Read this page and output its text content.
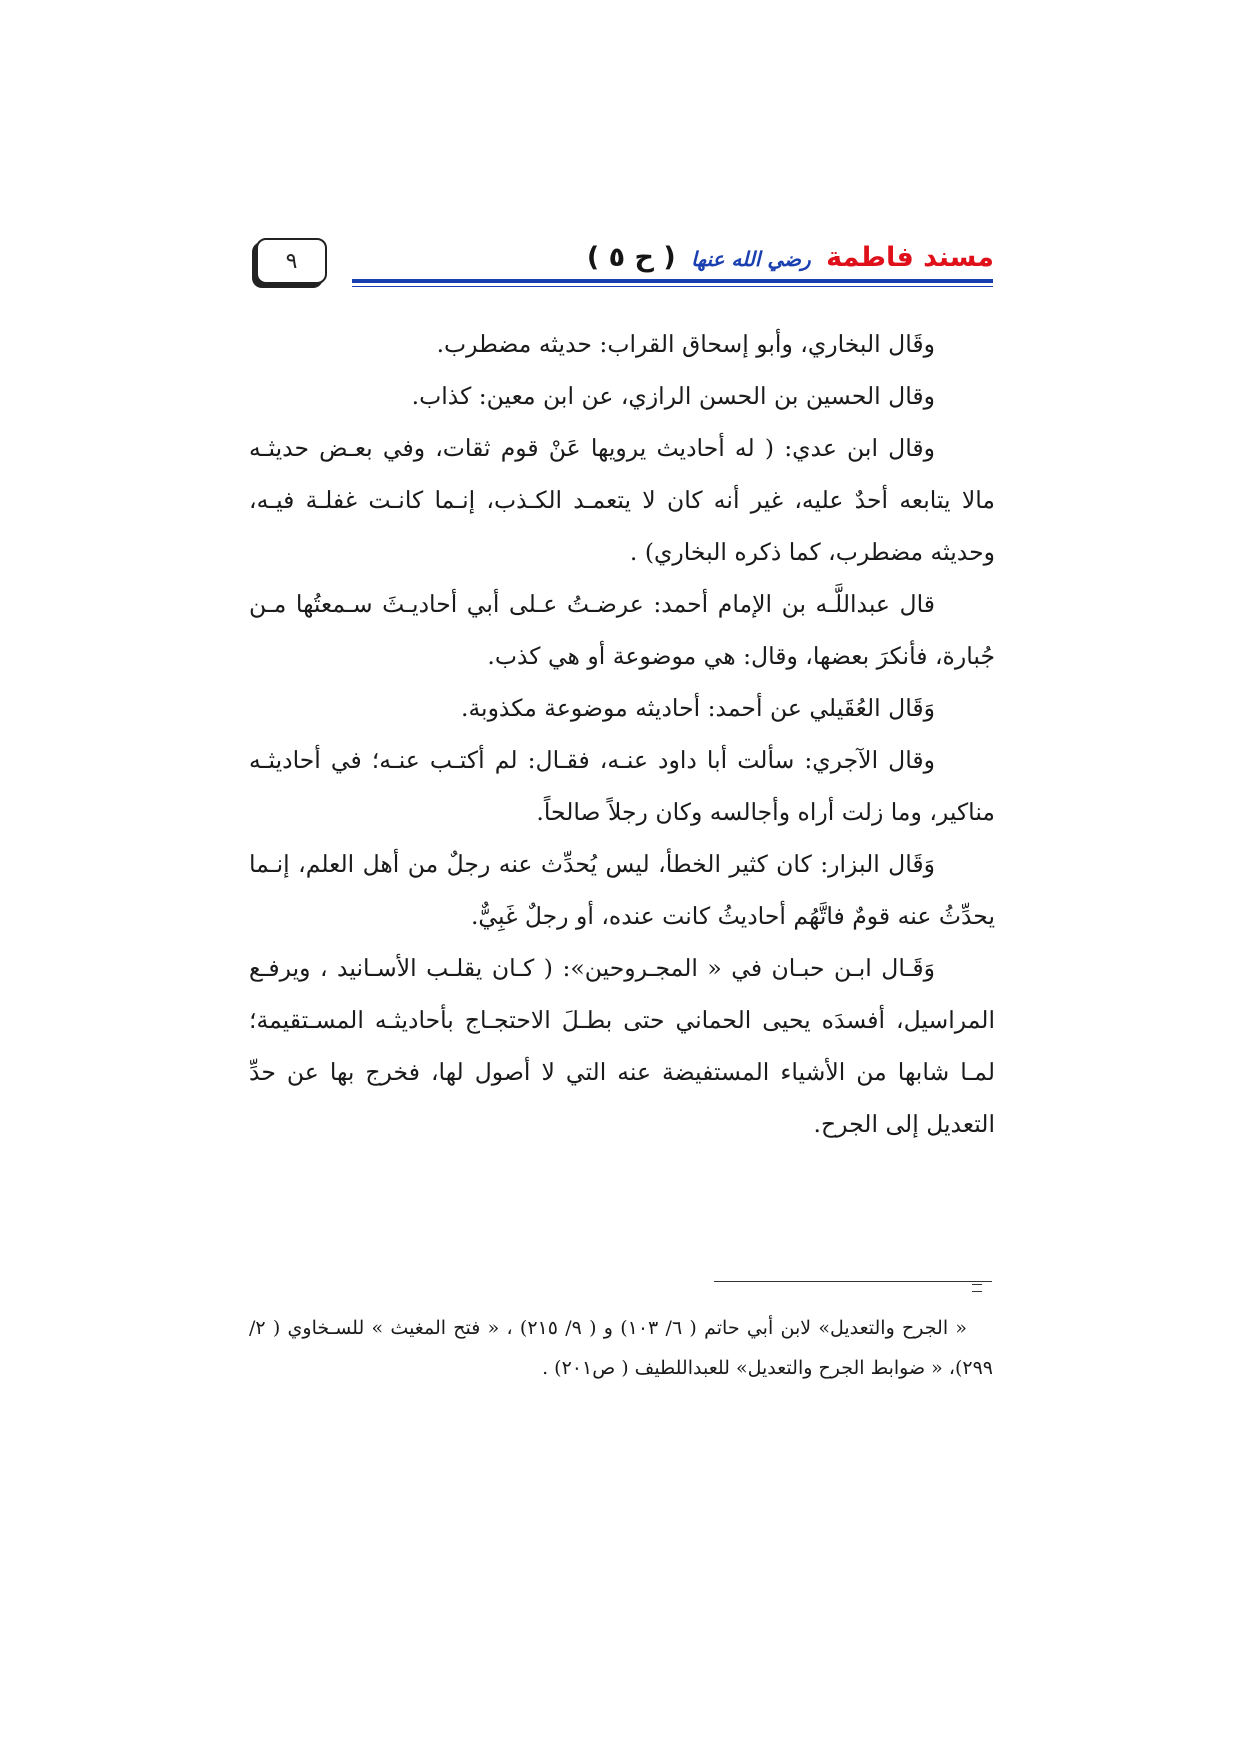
٩	مسند فاطمة رضي الله عنها ( ح ٥ )

وقَال البخاري، وأبو إسحاق القراب: حديثه مضطرب.

وقال الحسين بن الحسن الرازي، عن ابن معين: كذاب.

وقال ابن عدي: ( له أحاديث يرويها عَنْ قوم ثقات، وفي بعـض حديثـه مالا يتابعه أحدٌ عليه، غير أنه كان لا يتعمـد الكـذب، إنـما كانـت غفلـة فيـه، وحديثه مضطرب، كما ذكره البخاري) .

قال عبداللَّـه بن الإمام أحمد: عرضـتُ عـلى أبي أحاديـثَ سـمعتُها مـن جُبارة، فأنكرَ بعضها، وقال: هي موضوعة أو هي كذب.

وَقَال العُقَيلي عن أحمد: أحاديثه موضوعة مكذوبة.

وقال الآجري: سألت أبا داود عنـه، فقـال: لم أكتـب عنـه؛ في أحاديثـه مناكير، وما زلت أراه وأجالسه وكان رجلاً صالحاً.

وَقَال البزار: كان كثير الخطأ، ليس يُحدِّث عنه رجلٌ من أهل العلم، إنـما يحدِّثُ عنه قومٌ فاتَّهُم أحاديثُ كانت عنده، أو رجلٌ غَبِيٌّ.

وَقَـال ابـن حبـان في « المجـروحين»: ( كـان يقلـب الأسـانيد ، ويرفـع المراسيل، أفسدَه يحيى الحماني حتى بطـلَ الاحتجـاج بأحاديثـه المسـتقيمة؛ لمـا شابها من الأشياء المستفيضة عنه التي لا أصول لها، فخرج بها عن حدِّ التعديل إلى الجرح.

« الجرح والتعديل» لابن أبي حاتم ( ٦/ ١٠٣) و ( ٩/ ٢١٥) ، « فتح المغيث » للسـخاوي ( ٢/ ٢٩٩)، « ضوابط الجرح والتعديل» للعبداللطيف ( ص٢٠١) .
